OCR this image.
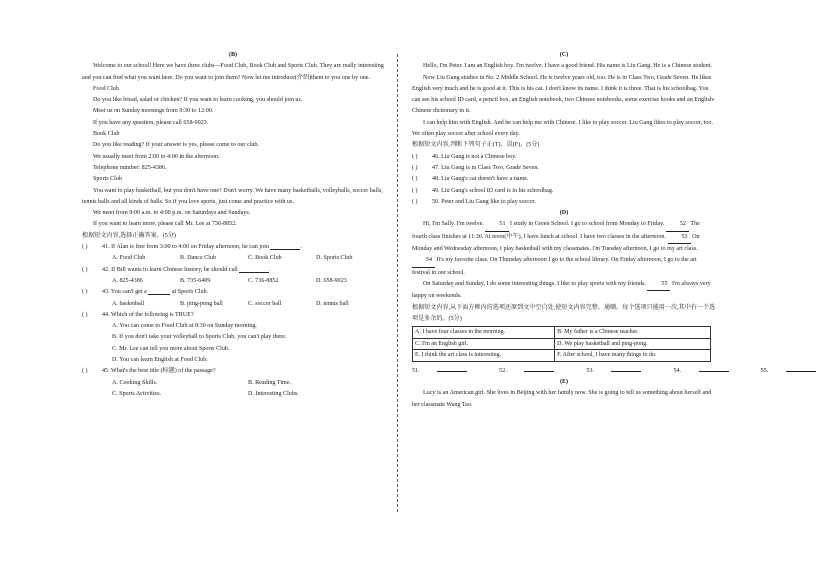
(B)

Welcome to our school! Here we have three clubs—Food Club, Book Club and Sports Club. They are really interesting and you can find what you want here. Do you want to join them? Now let me introduce(介绍)them to you one by one.

Food Club

Do you like bread, salad or chicken? If you want to learn cooking, you should join us.

Meet us on Sunday mornings from 9:30 to 12:00.

If you have any question, please call 658-9023.

Book Club

Do you like reading? If your answer is yes, please come to our club.

We usually meet from 2:00 to 4:00 in the afternoon.

Telephone number: 825-4386.

Sports Club

You want to play basketball, but you don't have one? Don't worry. We have many basketballs, volleyballs, soccer balls, tennis balls and all kinds of balls. So if you love sports, just come and practice with us.

We meet from 9:00 a.m. to 4:00 p.m. on Saturdays and Sundays.

If you want to learn more, please call Mr. Lee at 736-8852.

根据短文内容,选择正确答案。(5分)

( )	41. If Alan is free from 3:00 to 4:00 on Friday afternoon, he can join
	.
A. Food Club	B. Dance Club	C. Book Club	D. Sports Club
( )	42. If Bill wants to learn Chinese history, he should call
	.
A. 825-4386	B. 735-6409	C. 736-8852	D. 658-9023
( )	43. You can't get a

	at Sports Club.
A. basketball	B. ping-pong ball	C. soccer ball	D. tennis ball
( )	44. Which of the following is TRUE?

A. You can come to Food Club at 8:30 on Sunday morning.

B. If you don't take your volleyball to Sports Club, you can't play there.

C. Mr. Lee can tell you more about Sports Club.

D. You can learn English at Food Club.

( )	45. What's the best title (标题) of the passage?
A. Cooking Skills.	B. Reading Time.
C. Sports Activities.	D. Interesting Clubs.
(C)

Hello, I'm Peter. I am an English boy. I'm twelve. I have a good friend. His name is Liu Gang. He is a Chinese student.

Now Liu Gang studies in No. 2 Middle School. He is twelve years old, too. He is in Class Two, Grade Seven. He likes English very much and he is good at it. This is his cat. I don't know its name. I think it is three. That is his schoolbag. You can see his school ID card, a pencil box, an English notebook, two Chinese notebooks, some exercise books and an English-Chinese dictionary in it.

I can help him with English. And he can help me with Chinese. I like to play soccer. Liu Gang likes to play soccer, too. We often play soccer after school every day.

根据短文内容,判断下列句子正(T)、误(F)。(5分)

( )	46. Liu Gang is not a Chinese boy.
( )	47. Liu Gang is in Class Two, Grade Seven.
( )	48. Liu Gang's cat doesn't have a name.
( )	49. Liu Gang's school ID card is in his schoolbag.
( )	50. Peter and Liu Gang like to play soccer.
(D)

Hi, I'm Sally. I'm twelve.	51 I study in Green School. I go to school from Monday to Friday.	52 The fourth class finishes at 11:30. At noon(中午), I have lunch at school. I have two classes in the afternoon.	53 On Monday and Wednesday afternoon, I play basketball with my classmates. On Tuesday afternoon, I go to my art class. 54 It's my favorite class. On Thursday afternoon I go to the school library. On Friday afternoon, I go to the art festival in our school.

On Saturday and Sunday, I do some interesting things. I like to play sports with my friends.	55 I'm always very happy on weekends.

根据短文内容,从下面方框内的选项还原到文中空白处,使短文内容完整、通顺。每个选项只能用一次,其中有一个选项是多余的。(5分)

A. I have four classes in the morning.	B. My father is a Chinese teacher.
C. I'm an English girl.	D. We play basketball and ping-pong.
E. I think the art class is interesting.	F. After school, I have many things to do.
51.	52.	53.	54.	55.
(E)

Lucy is an American girl. She lives in Beijing with her family now. She is going to tell us something about herself and her classmate Wang Tao.
